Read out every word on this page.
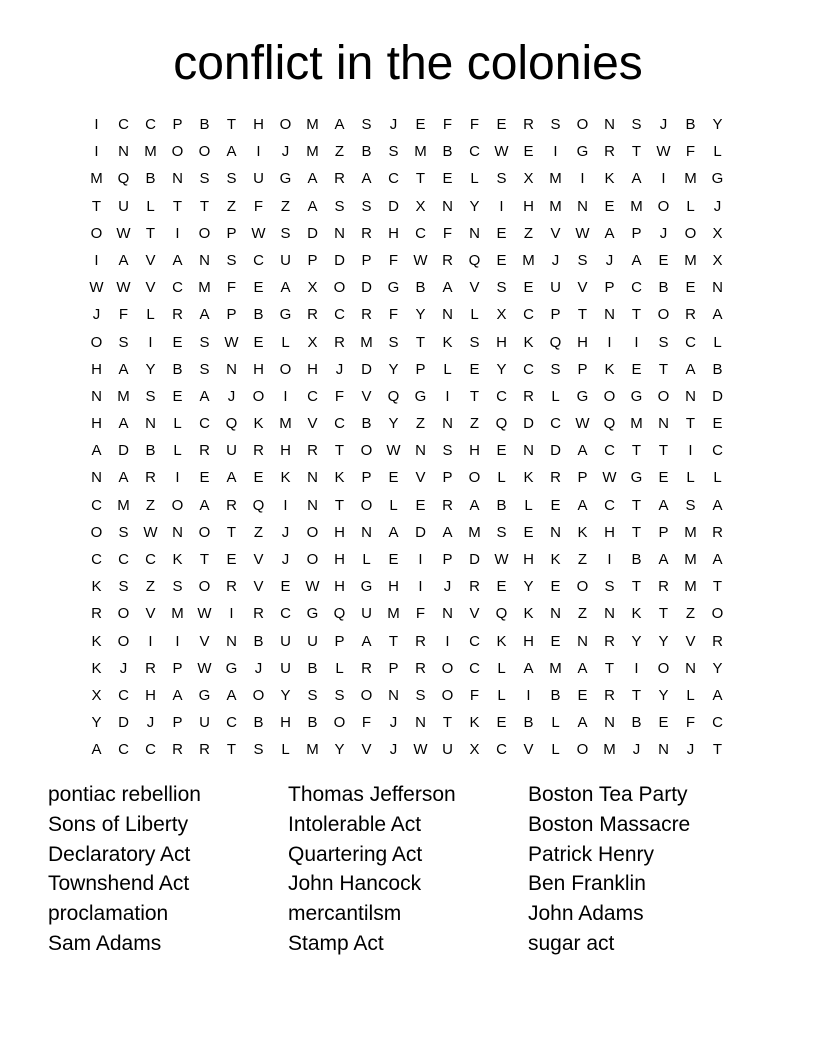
conflict in the colonies
I	C	C	P	B	T	H	O M	A	S	J	E	F	F	E	R	S	O	N	S	J	B	Y
I	N	M O	O	A	I	J	M	Z	B	S	M	B	C W E	I	G	R	T	W	F	L
M Q	B	N	S	S	U	G	A	R	A	C	T	E	L	S	X	M	I	K	A	I	M G
T	U	L	T	T	Z	F	Z	A	S	S	D	X	N	Y	I	H	M	N	E	M O	L	J
O W	T	I	O	P W S	D	N	R	H	C	F	N	E	Z	V W A	P	J	O	X
I	A	V	A	N	S	C	U	P	D	P	F	W R	Q	E	M	J	S	J	A	E	M	X
W W V	C	M	F	E	A	X	O	D	G	B	A	V	S	E	U	V	P	C	B	E	N
J	F	L	R	A	P	B	G	R	C	R	F	Y	N	L	X	C	P	T	N	T	O	R	A
O	S	I	E	S W E	L	X	R	M	S	T	K	S	H	K	Q	H	I	I	S	C	L
H	A	Y	B	S	N	H	O	H	J	D	Y	P	L	E	Y	C	S	P	K	E	T	A	B
N	M	S	E	A	J	O	I	C	F	V	Q	G	I	T	C	R	L	G	O	G	O	N	D
H	A	N	L	C	Q	K	M	V	C	B	Y	Z	N	Z	Q	D	C W Q M	N	T	E
A	D	B	L	R	U	R	H	R	T	O W N	S	H	E	N	D	A	C	T	T	I	C
N	A	R	I	E	A	E	K	N	K	P	E	V	P	O	L	K	R	P W G	E	L	L
C	M	Z	O	A	R	Q	I	N	T	O	L	E	R	A	B	L	E	A	C	T	A	S	A
O	S W N	O	T	Z	J	O	H	N	A	D	A	M	S	E	N	K	H	T	P	M	R
C	C	C	K	T	E	V	J	O	H	L	E	I	P	D W H	K	Z	I	B	A	M	A
K	S	Z	S	O	R	V	E W H	G	H	I	J	R	E	Y	E	O	S	T	R	M	T
R	O	V	M W	I	R	C	G	Q	U	M	F	N	V	Q	K	N	Z	N	K	T	Z	O
K	O	I	I	V	N	B	U	U	P	A	T	R	I	C	K	H	E	N	R	Y	Y	V	R
K	J	R	P W G	J	U	B	L	R	P	R	O	C	L	A	M	A	T	I	O	N	Y
X	C	H	A	G	A	O	Y	S	S	O	N	S	O	F	L	I	B	E	R	T	Y	L	A
Y	D	J	P	U	C	B	H	B	O	F	J	N	T	K	E	B	L	A	N	B	E	F	C
A	C	C	R	R	T	S	L	M	Y	V	J	W U	X	C	V	L	O M	J	N	J	T
pontiac rebellion	Thomas Jefferson	Boston Tea Party
Sons of Liberty	Intolerable Act	Boston Massacre
Declaratory Act	Quartering Act	Patrick Henry
Townshend Act	John Hancock	Ben Franklin
proclamation	mercantilsm	John Adams
Sam Adams	Stamp Act	sugar act
